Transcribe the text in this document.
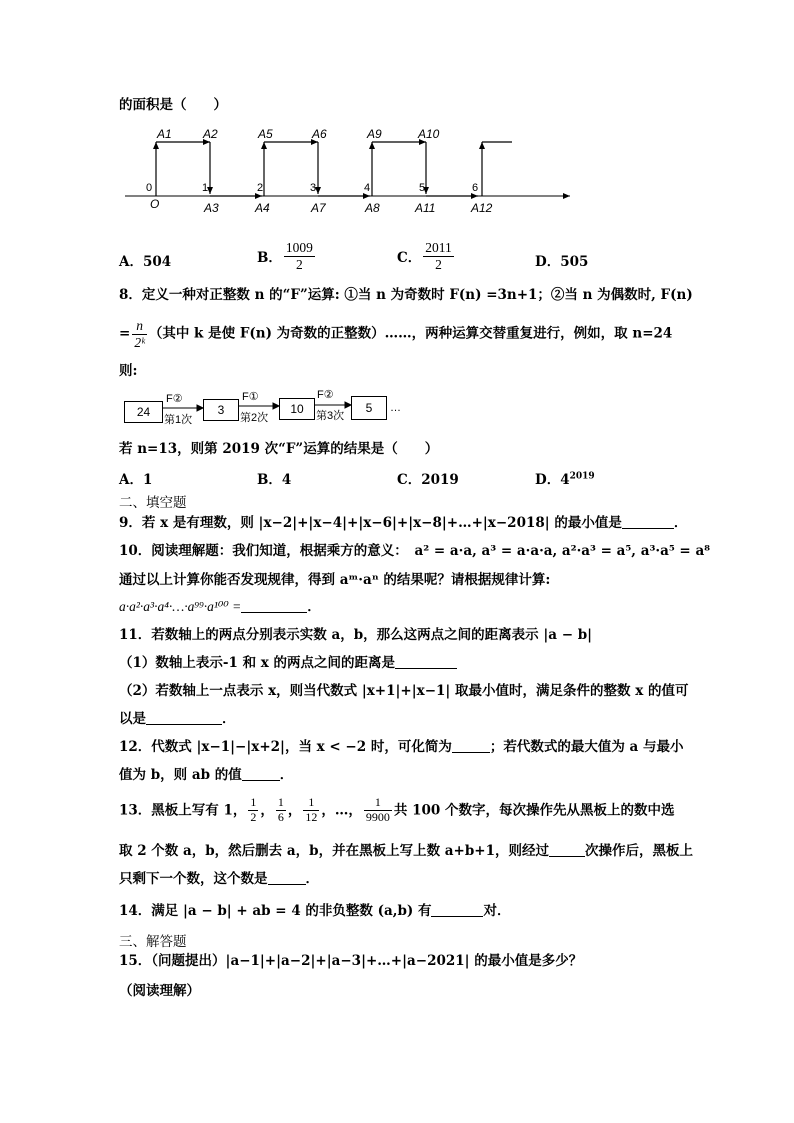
的面积是（　　）
A1	A2	A5	A6	A9	A10
0	1	2	3	4	5	6
O	A3	A4	A7	A8	A11	A12
A．504	B． $\frac{1009}{2}$	C． $\frac{2011}{2}$	D．505
8．定义一种对正整数 n 的“F”运算: ①当 n 为奇数时 F(n) =3n+1；②当 n 为偶数时, F(n)
= $\frac{n}{\text{2ᵏ}}$ （其中 k 是使 F(n) 为奇数的正整数）……，两种运算交替重复进行，例如，取 n=24
则:
24	3	10	5
F②	F①	F②
第1次	第2次	第3次
…
若 n=13，则第 2019 次“F”运算的结果是（　　）
A．1	B．4	C．2019	D．$4^{2019}$
二、填空题
9．若 x 是有理数，则 |x−2|+|x−4|+|x−6|+|x−8|+…+|x−2018| 的最小值是	．
10．阅读理解题：我们知道，根据乘方的意义：　a² = a·a, a³ = a·a·a, a²·a³ = a⁵, a³·a⁵ = a⁸
通过以上计算你能否发现规律，得到 aᵐ·aⁿ 的结果呢？请根据规律计算:
a·a²·a³·a⁴·…·a⁹⁹·a¹⁰⁰ =	．
11．若数轴上的两点分别表示实数 a，b，那么这两点之间的距离表示 |a − b|
（1）数轴上表示-1 和 x 的两点之间的距离是
（2）若数轴上一点表示 x，则当代数式 |x+1|+|x−1| 取最小值时，满足条件的整数 x 的值可
以是	．
12．代数式 |x−1|−|x+2|，当 x < −2 时，可化简为	；若代数式的最大值为 a 与最小
值为 b，则 ab 的值	．
13．黑板上写有 1， $\frac{1}{2}$ ， $\frac{1}{6}$ ， $\frac{1}{12}$ ，…， $\frac{1}{9900}$ 共 100 个数字，每次操作先从黑板上的数中选
取 2 个数 a，b，然后删去 a，b，并在黑板上写上数 a+b+1，则经过	次操作后，黑板上
只剩下一个数，这个数是	．
14．满足 |a − b| + ab = 4 的非负整数 (a,b) 有	对．
三、解答题
15．（问题提出）|a−1|+|a−2|+|a−3|+…+|a−2021| 的最小值是多少？
（阅读理解）
